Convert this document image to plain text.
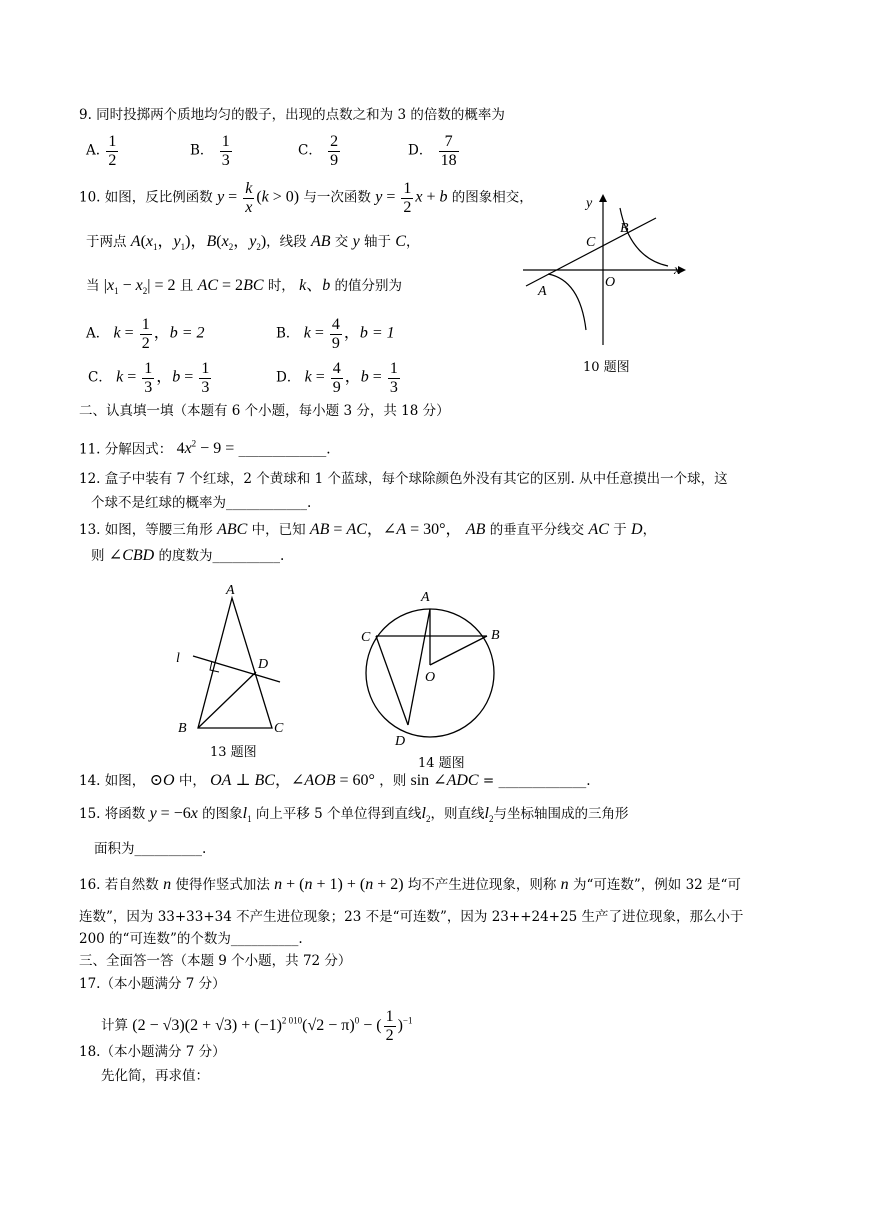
9. 同时投掷两个质地均匀的骰子，出现的点数之和为 3 的倍数的概率为
A. $\frac{1}{2}$	B． $\frac{1}{3}$	C． $\frac{2}{9}$	D． $\frac{7}{18}$
10. 如图，反比例函数 $y = \frac{k}{x} (k > 0)$ 与一次函数 $y = \frac{1}{2}$ x + b 的图象相交，
于两点 $A(x_1$，$y_1$)，$B(x_2$，$y_2$)，线段 AB 交 y 轴于 C，
当 $|x_1 - x_2| = 2$ 且 AC = 2BC 时， k、b 的值分别为
A． $k = \frac{1}{2}$ ，b = 2	B． $k = \frac{4}{9}$ ，b = 1
C． $k = \frac{1}{3}$ ，$b = \frac{1}{3}$	D． $k = \frac{4}{9}$ ，$b = \frac{1}{3}$
x
y
O
C
B
A
10 题图
二、认真填一填（本题有 6 个小题，每小题 3 分，共 18 分）
11. 分解因式： $4x^2 - 9$ = _____________.
12. 盒子中装有 7 个红球，2 个黄球和 1 个蓝球，每个球除颜色外没有其它的区别. 从中任意摸出一个球，这
个球不是红球的概率为____________.
13. 如图，等腰三角形 ABC 中，已知 AB = AC，∠A = 30°， AB 的垂直平分线交 AC 于 D，
则 ∠CBD 的度数为__________.
A
l	D
B	C
13 题图
A
C	B
O
D
14 题图
14. 如图， ⊙O 中， OA ⊥ BC，∠AOB = 60° ，则 sin ∠ADC = _____________.
15. 将函数 y = −6x 的图象$l_1$ 向上平移 5 个单位得到直线$l_2$，则直线$l_2$与坐标轴围成的三角形
面积为__________.
16. 若自然数 n 使得作竖式加法 n + (n + 1) + (n + 2) 均不产生进位现象，则称 n 为“可连数”，例如 32 是“可
连数”，因为 33+33+34 不产生进位现象；23 不是“可连数”，因为 23++24+25 生产了进位现象，那么小于
200 的“可连数”的个数为__________.
三、全面答一答（本题 9 个小题，共 72 分）
17.（本小题满分 7 分）
计算 $(2 - √3)(2 + √3) + (-1)^{2 010}(√2 - \pi)^0$ − ( $\frac{1}{2} )^{-1}$
18.（本小题满分 7 分）
先化简，再求值：
